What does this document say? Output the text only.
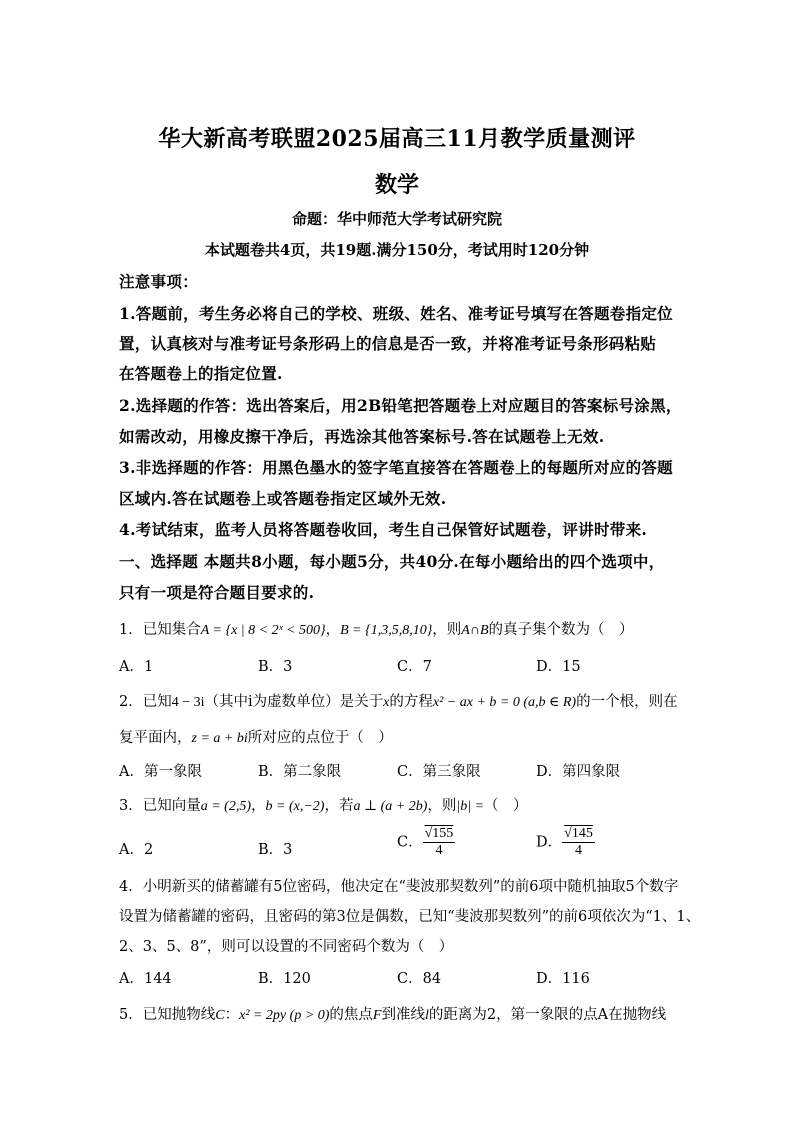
华大新高考联盟2025届高三11月教学质量测评
数学
命题：华中师范大学考试研究院
本试题卷共4页，共19题.满分150分，考试用时120分钟
注意事项：
1.答题前，考生务必将自己的学校、班级、姓名、准考证号填写在答题卷指定位
置，认真核对与准考证号条形码上的信息是否一致，并将准考证号条形码粘贴
在答题卷上的指定位置.
2.选择题的作答：选出答案后，用2B铅笔把答题卷上对应题目的答案标号涂黑，
如需改动，用橡皮擦干净后，再选涂其他答案标号.答在试题卷上无效.
3.非选择题的作答：用黑色墨水的签字笔直接答在答题卷上的每题所对应的答题
区域内.答在试题卷上或答题卷指定区域外无效.
4.考试结束，监考人员将答题卷收回，考生自己保管好试题卷，评讲时带来.
一、选择题 本题共8小题，每小题5分，共40分.在每小题给出的四个选项中，
只有一项是符合题目要求的.
1．已知集合A = {x | 8 < 2ˣ < 500}，B = {1,3,5,8,10}，则A∩B的真子集个数为（　）
A．1	B．3	C．7	D．15
2．已知4 − 3i（其中i为虚数单位）是关于x的方程x² − ax + b = 0 (a,b ∈ R)的一个根，则在
复平面内，z = a + bi所对应的点位于（　）
A．第一象限	B．第二象限	C．第三象限	D．第四象限
3．已知向量a = (2,5)，b = (x,−2)，若a ⊥ (a + 2b)，则|b| =（　）
A．2	B．3	C． $\frac{√155}{4}$	D． $\frac{√145}{4}$
4．小明新买的储蓄罐有5位密码，他决定在“斐波那契数列”的前6项中随机抽取5个数字
设置为储蓄罐的密码，且密码的第3位是偶数，已知“斐波那契数列”的前6项依次为“1、1、
2、3、5、8”，则可以设置的不同密码个数为（　）
A．144	B．120	C．84	D．116
5．已知抛物线C：x² = 2py (p > 0)的焦点F到准线l的距离为2，第一象限的点A在抛物线
